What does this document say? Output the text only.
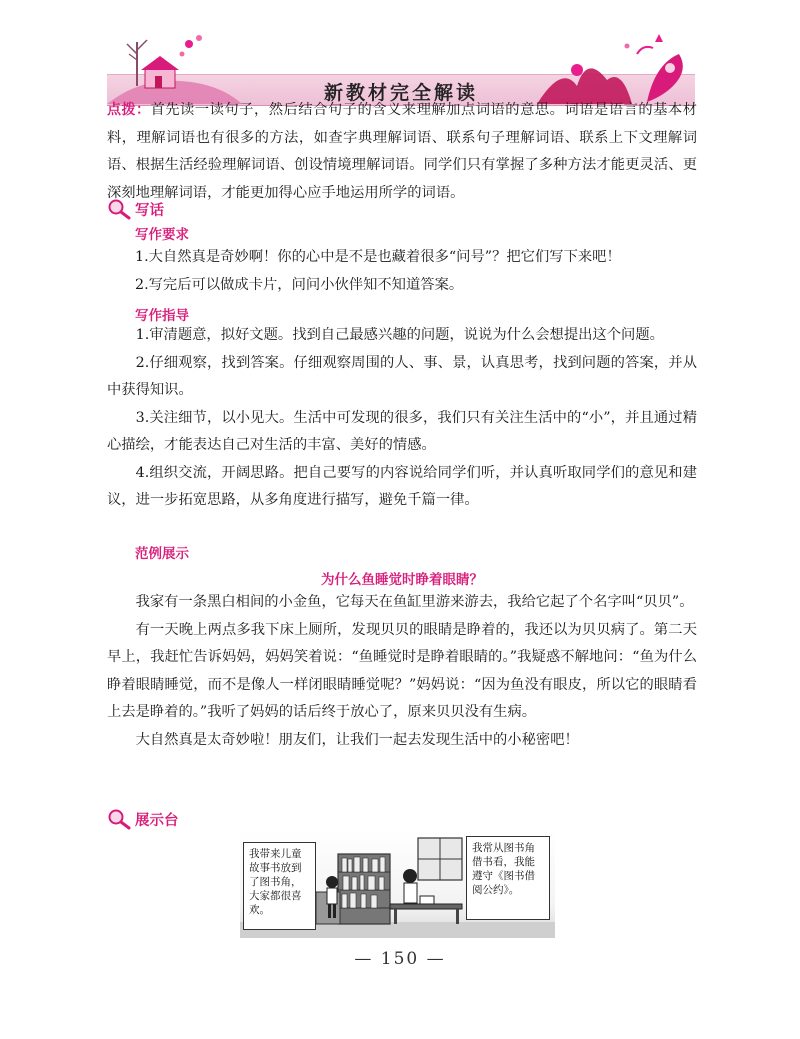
新教材完全解读

点拨：首先读一读句子，然后结合句子的含义来理解加点词语的意思。词语是语言的基本材料，理解词语也有很多的方法，如查字典理解词语、联系句子理解词语、联系上下文理解词语、根据生活经验理解词语、创设情境理解词语。同学们只有掌握了多种方法才能更灵活、更深刻地理解词语，才能更加得心应手地运用所学的词语。

写话
写作要求
1.大自然真是奇妙啊！你的心中是不是也藏着很多“问号”？把它们写下来吧！
2.写完后可以做成卡片，问问小伙伴知不知道答案。
写作指导

1.审清题意，拟好文题。找到自己最感兴趣的问题，说说为什么会想提出这个问题。

2.仔细观察，找到答案。仔细观察周围的人、事、景，认真思考，找到问题的答案，并从中获得知识。

3.关注细节，以小见大。生活中可发现的很多，我们只有关注生活中的“小”，并且通过精心描绘，才能表达自己对生活的丰富、美好的情感。

4.组织交流，开阔思路。把自己要写的内容说给同学们听，并认真听取同学们的意见和建议，进一步拓宽思路，从多角度进行描写，避免千篇一律。

范例展示
为什么鱼睡觉时睁着眼睛？

我家有一条黑白相间的小金鱼，它每天在鱼缸里游来游去，我给它起了个名字叫“贝贝”。

有一天晚上两点多我下床上厕所，发现贝贝的眼睛是睁着的，我还以为贝贝病了。第二天早上，我赶忙告诉妈妈，妈妈笑着说：“鱼睡觉时是睁着眼睛的。”我疑惑不解地问：“鱼为什么睁着眼睛睡觉，而不是像人一样闭眼睛睡觉呢？”妈妈说：“因为鱼没有眼皮，所以它的眼睛看上去是睁着的。”我听了妈妈的话后终于放心了，原来贝贝没有生病。

大自然真是太奇妙啦！朋友们，让我们一起去发现生活中的小秘密吧！

展示台
我带来儿童故事书放到了图书角，大家都很喜欢。
我常从图书角借书看，我能遵守《图书借阅公约》。
— 150 —
